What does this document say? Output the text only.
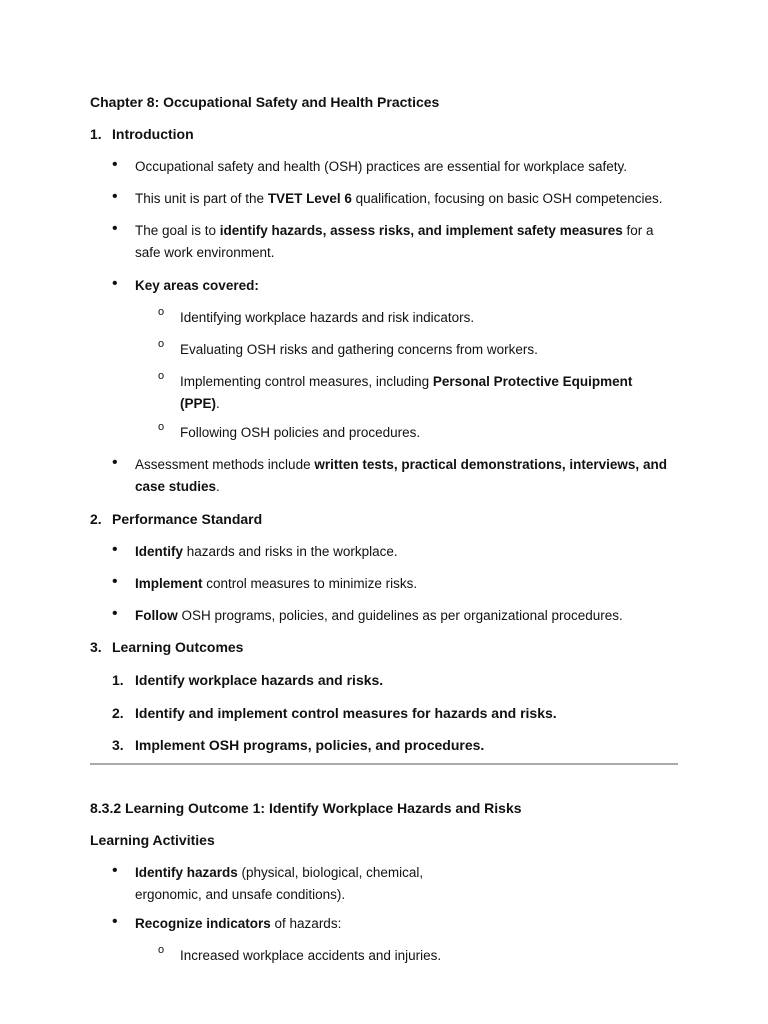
Chapter 8: Occupational Safety and Health Practices
1. Introduction
• Occupational safety and health (OSH) practices are essential for workplace safety.
• This unit is part of the TVET Level 6 qualification, focusing on basic OSH competencies.
• The goal is to identify hazards, assess risks, and implement safety measures for a safe work environment.
• Key areas covered:
o Identifying workplace hazards and risk indicators.
o Evaluating OSH risks and gathering concerns from workers.
o Implementing control measures, including Personal Protective Equipment (PPE).
o Following OSH policies and procedures.
• Assessment methods include written tests, practical demonstrations, interviews, and case studies.
2. Performance Standard
• Identify hazards and risks in the workplace.
• Implement control measures to minimize risks.
• Follow OSH programs, policies, and guidelines as per organizational procedures.
3. Learning Outcomes
1. Identify workplace hazards and risks.
2. Identify and implement control measures for hazards and risks.
3. Implement OSH programs, policies, and procedures.
8.3.2 Learning Outcome 1: Identify Workplace Hazards and Risks
Learning Activities
• Identify hazards (physical, biological, chemical,
ergonomic, and unsafe conditions).
• Recognize indicators of hazards:
o Increased workplace accidents and injuries.
